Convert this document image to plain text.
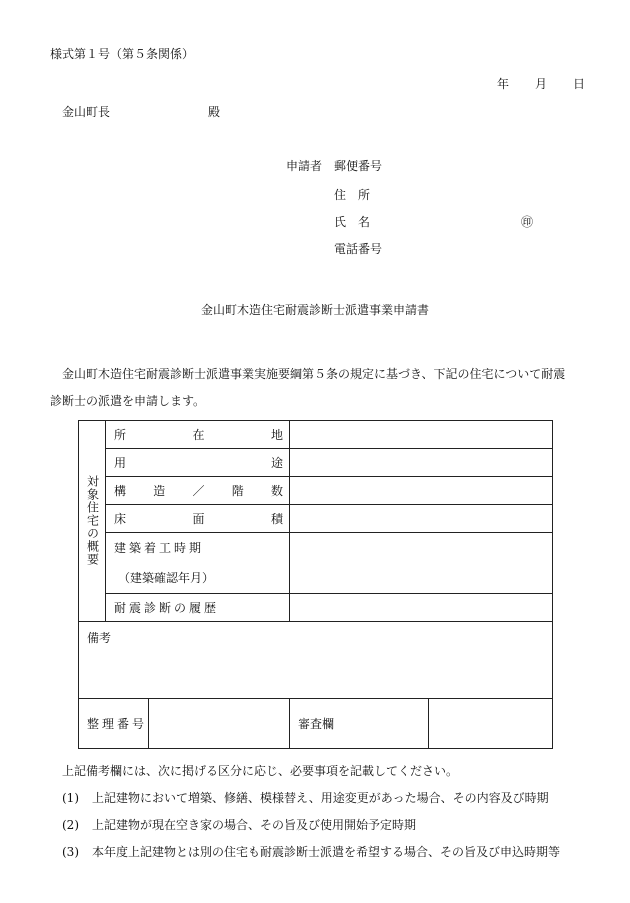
様式第１号（第５条関係）
年 月 日
金山町長	殿
申請者 郵便番号
住　所
氏　名	㊞
電話番号
金山町木造住宅耐震診断士派遣事業申請書
金山町木造住宅耐震診断士派遣事業実施要綱第５条の規定に基づき、下記の住宅について耐震
診断士の派遣を申請します。
対象住宅の概要	所 在 地			

	用 途			

	構 造 ／ 階 数			

	床 面 積			

	建築着工時期
（建築確認年月）			

	耐震診断の履歴			
備考				
整理番号			審査欄	
上記備考欄には、次に掲げる区分に応じ、必要事項を記載してください。
(1) 上記建物において増築、修繕、模様替え、用途変更があった場合、その内容及び時期
(2) 上記建物が現在空き家の場合、その旨及び使用開始予定時期
(3) 本年度上記建物とは別の住宅も耐震診断士派遣を希望する場合、その旨及び申込時期等
